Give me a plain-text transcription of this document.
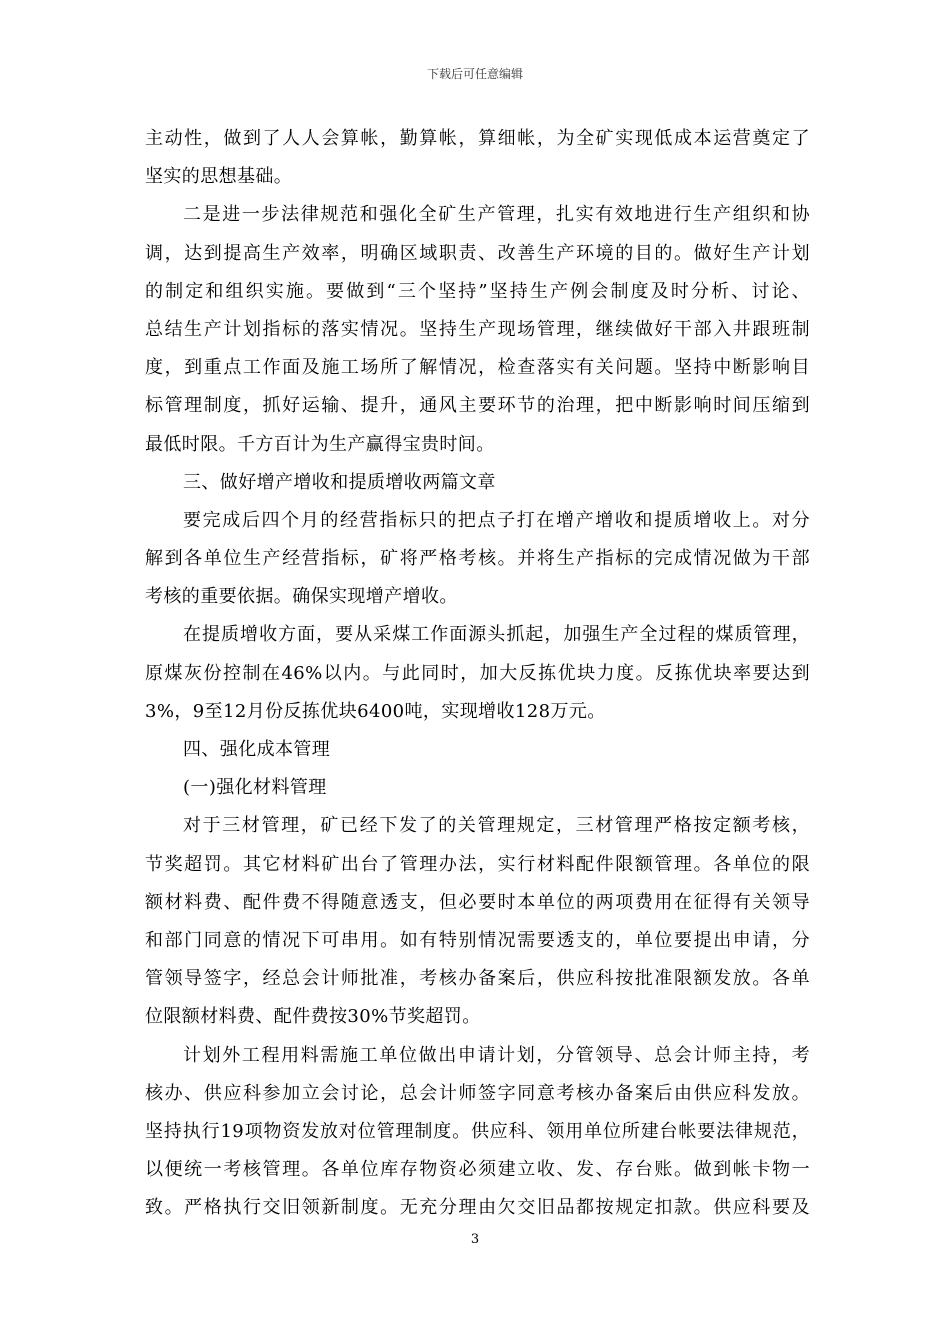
下载后可任意编辑
主动性，做到了人人会算帐，勤算帐，算细帐，为全矿实现低成本运营奠定了
坚实的思想基础。
二是进一步法律规范和强化全矿生产管理，扎实有效地进行生产组织和协
调，达到提高生产效率，明确区域职责、改善生产环境的目的。做好生产计划
的制定和组织实施。要做到“三个坚持”坚持生产例会制度及时分析、讨论、
总结生产计划指标的落实情况。坚持生产现场管理，继续做好干部入井跟班制
度，到重点工作面及施工场所了解情况，检查落实有关问题。坚持中断影响目
标管理制度，抓好运输、提升，通风主要环节的治理，把中断影响时间压缩到
最低时限。千方百计为生产赢得宝贵时间。
三、做好增产增收和提质增收两篇文章
要完成后四个月的经营指标只的把点子打在增产增收和提质增收上。对分
解到各单位生产经营指标，矿将严格考核。并将生产指标的完成情况做为干部
考核的重要依据。确保实现增产增收。
在提质增收方面，要从采煤工作面源头抓起，加强生产全过程的煤质管理，
原煤灰份控制在46%以内。与此同时，加大反拣优块力度。反拣优块率要达到
3%，9至12月份反拣优块6400吨，实现增收128万元。
四、强化成本管理
(一)强化材料管理
对于三材管理，矿已经下发了的关管理规定，三材管理严格按定额考核，
节奖超罚。其它材料矿出台了管理办法，实行材料配件限额管理。各单位的限
额材料费、配件费不得随意透支，但必要时本单位的两项费用在征得有关领导
和部门同意的情况下可串用。如有特别情况需要透支的，单位要提出申请，分
管领导签字，经总会计师批准，考核办备案后，供应科按批准限额发放。各单
位限额材料费、配件费按30%节奖超罚。
计划外工程用料需施工单位做出申请计划，分管领导、总会计师主持，考
核办、供应科参加立会讨论，总会计师签字同意考核办备案后由供应科发放。
坚持执行19项物资发放对位管理制度。供应科、领用单位所建台帐要法律规范，
以便统一考核管理。各单位库存物资必须建立收、发、存台账。做到帐卡物一
致。严格执行交旧领新制度。无充分理由欠交旧品都按规定扣款。供应科要及
3
